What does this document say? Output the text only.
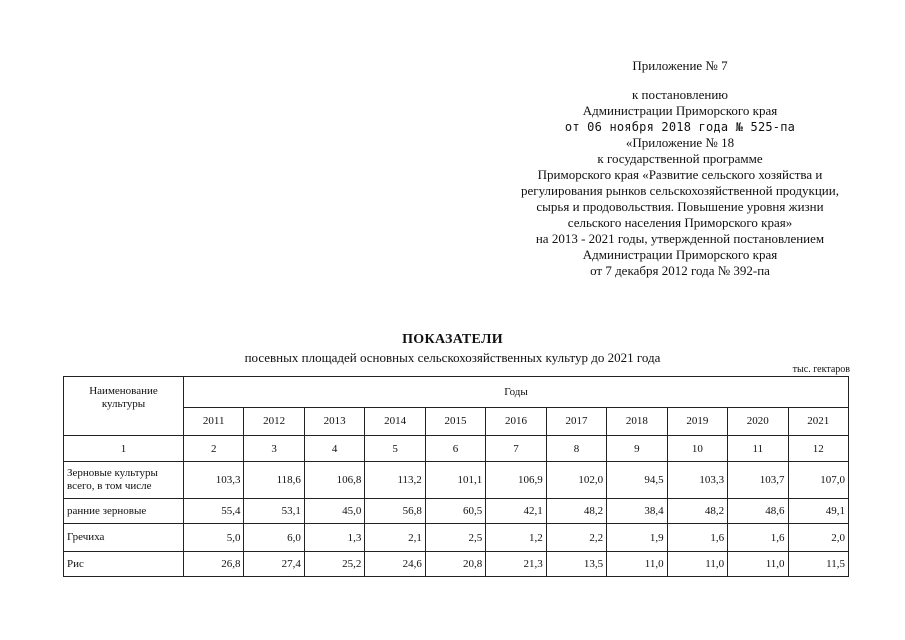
Приложение № 7
к постановлению
Администрации Приморского края
от 06 ноября 2018 года № 525-па
«Приложение № 18
к государственной программе
Приморского края «Развитие сельского хозяйства и
регулирования рынков сельскохозяйственной продукции,
сырья и продовольствия. Повышение уровня жизни
сельского населения Приморского края»
на 2013 - 2021 годы, утвержденной постановлением
Администрации Приморского края
от 7 декабря 2012 года № 392-па
ПОКАЗАТЕЛИ
посевных площадей основных сельскохозяйственных культур до 2021 года
тыс. гектаров
Наименование
культуры	Годы										
	2011	2012	2013	2014	2015	2016	2017	2018	2019	2020	2021
1	2	3	4	5	6	7	8	9	10	11	12
Зерновые культуры
всего, в том числе	103,3	118,6	106,8	113,2	101,1	106,9	102,0	94,5	103,3	103,7	107,0
ранние зерновые	55,4	53,1	45,0	56,8	60,5	42,1	48,2	38,4	48,2	48,6	49,1
Гречиха	5,0	6,0	1,3	2,1	2,5	1,2	2,2	1,9	1,6	1,6	2,0
Рис	26,8	27,4	25,2	24,6	20,8	21,3	13,5	11,0	11,0	11,0	11,5
